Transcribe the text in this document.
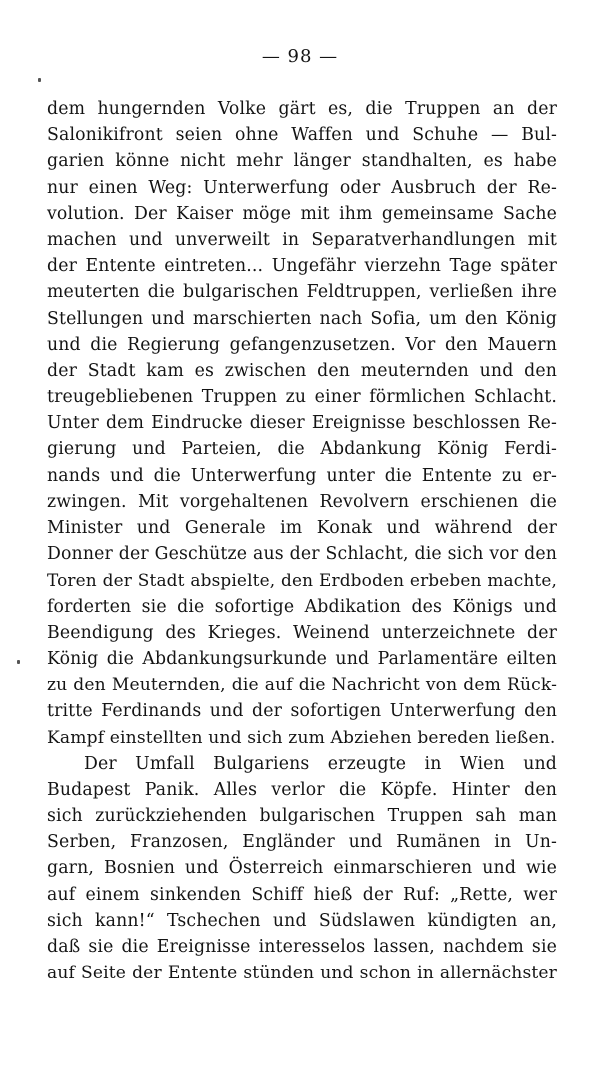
— 98 —
dem hungernden Volke gärt es, die Truppen an der
Salonikifront seien ohne Waffen und Schuhe — Bul-
garien könne nicht mehr länger standhalten, es habe
nur einen Weg: Unterwerfung oder Ausbruch der Re-
volution. Der Kaiser möge mit ihm gemeinsame Sache
machen und unverweilt in Separatverhandlungen mit
der Entente eintreten... Ungefähr vierzehn Tage später
meuterten die bulgarischen Feldtruppen, verließen ihre
Stellungen und marschierten nach Sofia, um den König
und die Regierung gefangenzusetzen. Vor den Mauern
der Stadt kam es zwischen den meuternden und den
treugebliebenen Truppen zu einer förmlichen Schlacht.
Unter dem Eindrucke dieser Ereignisse beschlossen Re-
gierung und Parteien, die Abdankung König Ferdi-
nands und die Unterwerfung unter die Entente zu er-
zwingen. Mit vorgehaltenen Revolvern erschienen die
Minister und Generale im Konak und während der
Donner der Geschütze aus der Schlacht, die sich vor den
Toren der Stadt abspielte, den Erdboden erbeben machte,
forderten sie die sofortige Abdikation des Königs und
Beendigung des Krieges. Weinend unterzeichnete der
König die Abdankungsurkunde und Parlamentäre eilten
zu den Meuternden, die auf die Nachricht von dem Rück-
tritte Ferdinands und der sofortigen Unterwerfung den
Kampf einstellten und sich zum Abziehen bereden ließen.
Der Umfall Bulgariens erzeugte in Wien und
Budapest Panik. Alles verlor die Köpfe. Hinter den
sich zurückziehenden bulgarischen Truppen sah man
Serben, Franzosen, Engländer und Rumänen in Un-
garn, Bosnien und Österreich einmarschieren und wie
auf einem sinkenden Schiff hieß der Ruf: „Rette, wer
sich kann!“ Tschechen und Südslawen kündigten an,
daß sie die Ereignisse interesselos lassen, nachdem sie
auf Seite der Entente stünden und schon in allernächster
